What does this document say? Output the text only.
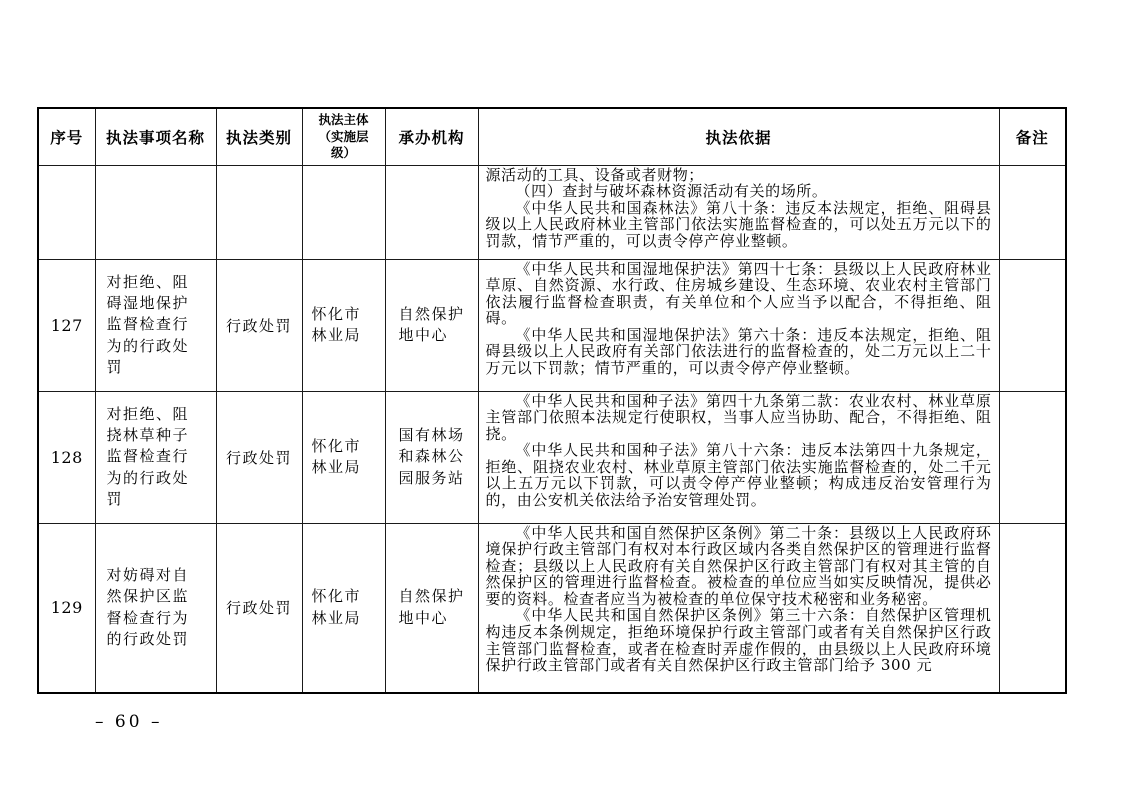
序号	执法事项名称	执法类别	执法主体（实施层级）	承办机构	执法依据	备注

					源活动的工具、设备或者财物；

（四）查封与破坏森林资源活动有关的场所。

《中华人民共和国森林法》第八十条：违反本法规定，拒绝、阻碍县级以上人民政府林业主管部门依法实施监督检查的，可以处五万元以下的罚款，情节严重的，可以责令停产停业整顿。	

127	对拒绝、阻碍湿地保护监督检查行为的行政处罚	行政处罚	怀化市林业局	自然保护地中心	《中华人民共和国湿地保护法》第四十七条：县级以上人民政府林业草原、自然资源、水行政、住房城乡建设、生态环境、农业农村主管部门依法履行监督检查职责，有关单位和个人应当予以配合，不得拒绝、阻碍。

《中华人民共和国湿地保护法》第六十条：违反本法规定，拒绝、阻碍县级以上人民政府有关部门依法进行的监督检查的，处二万元以上二十万元以下罚款；情节严重的，可以责令停产停业整顿。	

128	对拒绝、阻挠林草种子监督检查行为的行政处罚	行政处罚	怀化市林业局	国有林场和森林公园服务站	《中华人民共和国种子法》第四十九条第二款：农业农村、林业草原主管部门依照本法规定行使职权，当事人应当协助、配合，不得拒绝、阻挠。

《中华人民共和国种子法》第八十六条：违反本法第四十九条规定，拒绝、阻挠农业农村、林业草原主管部门依法实施监督检查的，处二千元以上五万元以下罚款，可以责令停产停业整顿；构成违反治安管理行为的，由公安机关依法给予治安管理处罚。	

129	对妨碍对自然保护区监督检查行为的行政处罚	行政处罚	怀化市林业局	自然保护地中心	《中华人民共和国自然保护区条例》第二十条：县级以上人民政府环境保护行政主管部门有权对本行政区域内各类自然保护区的管理进行监督检查；县级以上人民政府有关自然保护区行政主管部门有权对其主管的自然保护区的管理进行监督检查。被检查的单位应当如实反映情况，提供必要的资料。检查者应当为被检查的单位保守技术秘密和业务秘密。

《中华人民共和国自然保护区条例》第三十六条：自然保护区管理机构违反本条例规定，拒绝环境保护行政主管部门或者有关自然保护区行政主管部门监督检查，或者在检查时弄虚作假的，由县级以上人民政府环境保护行政主管部门或者有关自然保护区行政主管部门给予 300 元	

– 60 –
